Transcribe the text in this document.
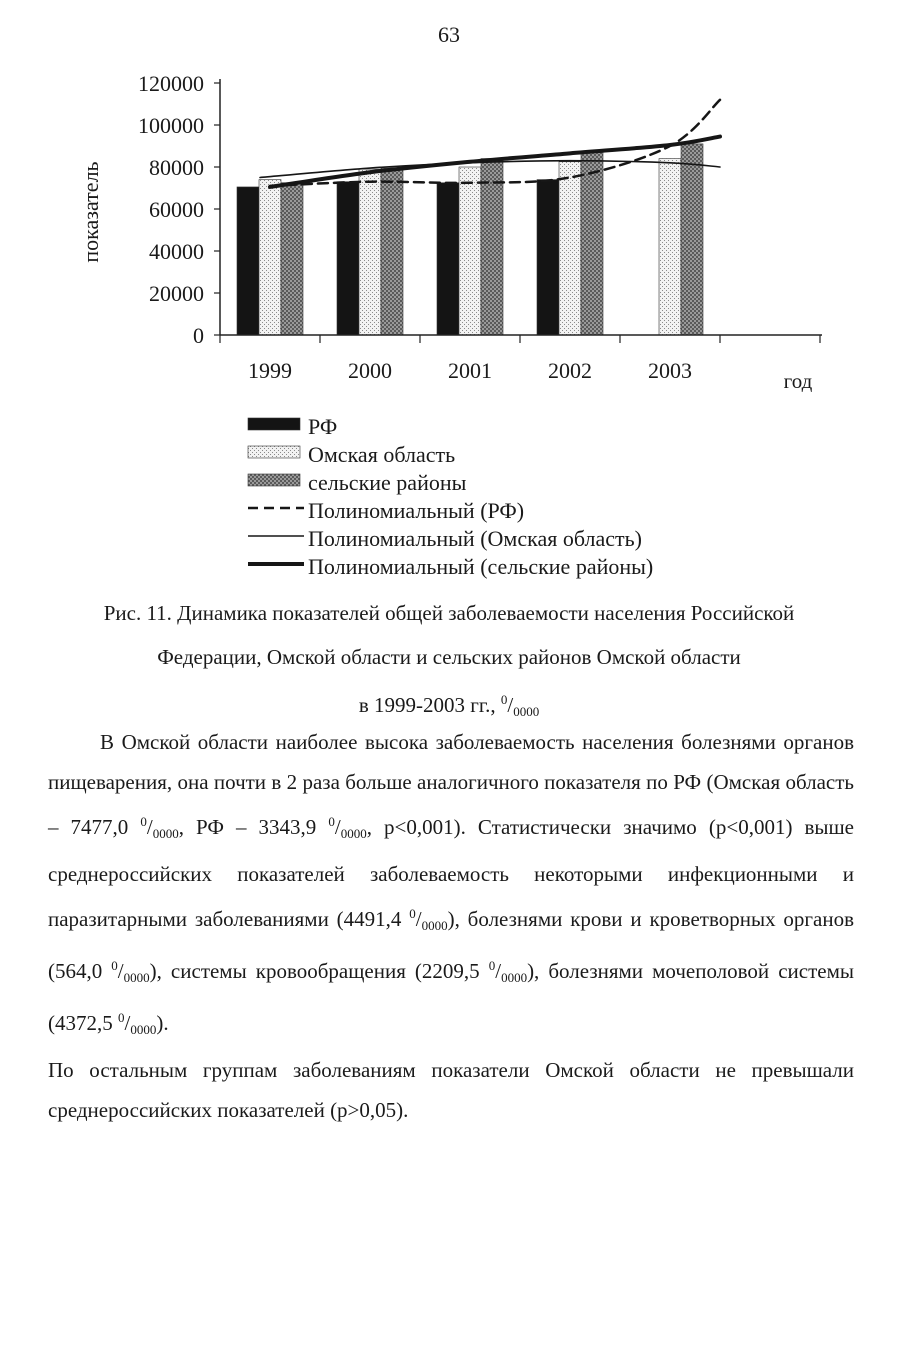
63
0
20000
40000
60000
80000
100000
120000
1999	2000	2001	2002	2003
показатель
год
РФ
Омская область
сельские районы
Полиномиальный (РФ)
Полиномиальный (Омская область)
Полиномиальный (сельские районы)
Рис. 11. Динамика показателей общей заболеваемости населения Российской
Федерации, Омской области и сельских районов Омской области
в 1999-2003 гг., $^0/_{0000}$

В Омской области наиболее высока заболеваемость населения болезнями органов пищеварения, она почти в 2 раза больше аналогичного показателя по РФ (Омская область – 7477,0 $^0/_{0000}$, РФ – 3343,9 $^0/_{0000}$, p<0,001). Статистически значимо (p<0,001) выше среднероссийских показателей заболеваемость некоторыми инфекционными и паразитарными заболеваниями (4491,4 $^0/_{0000}$), болезнями крови и кроветворных органов (564,0 $^0/_{0000}$), системы кровообращения (2209,5 $^0/_{0000}$), болезнями мочеполовой системы (4372,5 $^0/_{0000}$).

По остальным группам заболеваниям показатели Омской области не превышали среднероссийских показателей (p>0,05).
